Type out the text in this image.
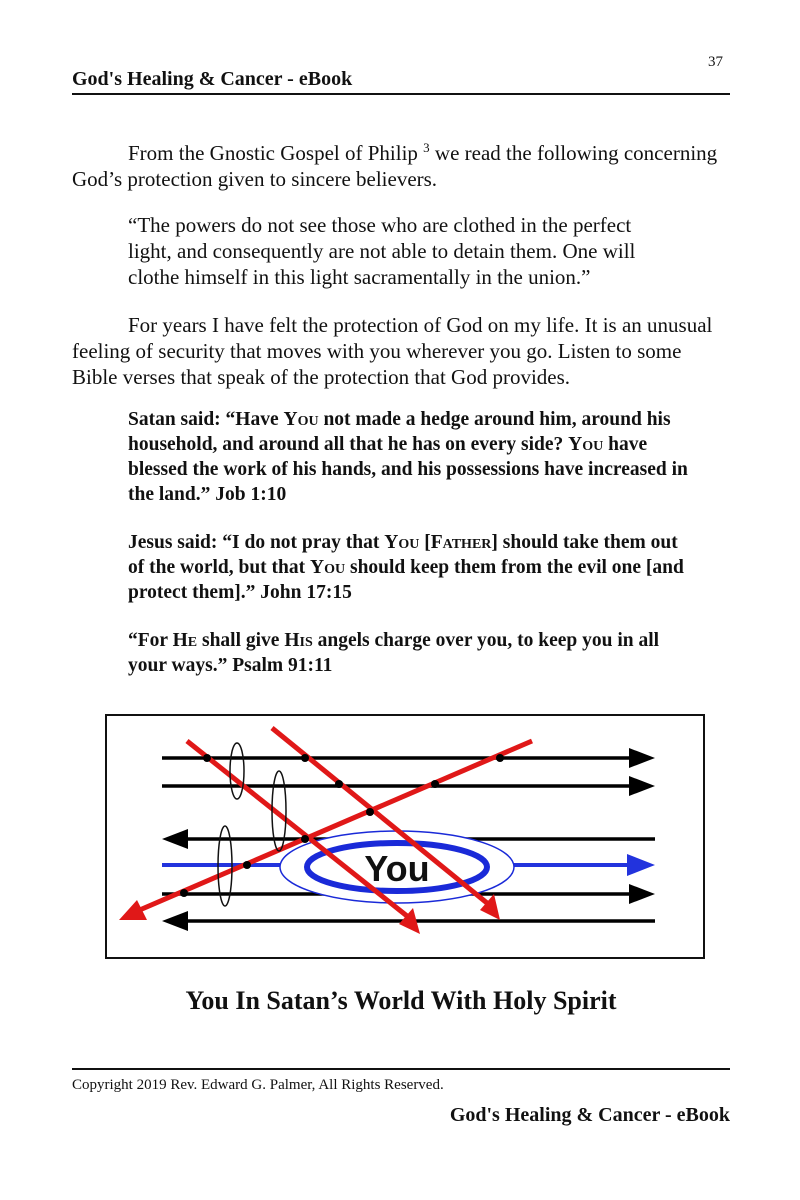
37
God's Healing & Cancer - eBook

From the Gnostic Gospel of Philip $^3$ we read the following concerning God’s protection given to sincere believers.

“The powers do not see those who are clothed in the perfect light, and consequently are not able to detain them. One will clothe himself in this light sacramentally in the union.”

For years I have felt the protection of God on my life. It is an unusual feeling of security that moves with you wherever you go. Listen to some Bible verses that speak of the protection that God provides.

Satan said: “Have You not made a hedge around him, around his household, and around all that he has on every side? You have blessed the work of his hands, and his possessions have increased in the land.” Job 1:10

Jesus said: “I do not pray that You [Father] should take them out of the world, but that You should keep them from the evil one [and protect them].” John 17:15

“For He shall give His angels charge over you, to keep you in all your ways.” Psalm 91:11

You
You In Satan’s World With Holy Spirit
Copyright 2019 Rev. Edward G. Palmer, All Rights Reserved.
God's Healing & Cancer - eBook
